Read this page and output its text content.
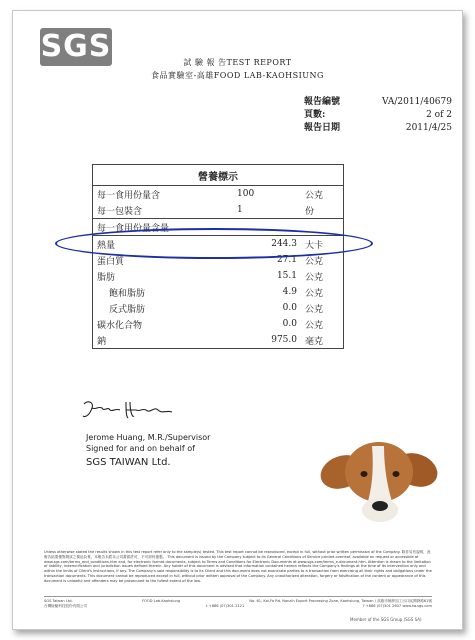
SGS	試 驗 報 告TEST REPORT
食品實驗室-高雄FOOD LAB-KAOHSIUNG
報告編號	VA/2011/40679
頁數:	2 of 2
報告日期	2011/4/25
營養標示		
每一食用份量含	100	公克
每一包裝含	1	份
每一食用份量含量		
熱量	244.3	大卡
蛋白質	27.1	公克
脂肪	15.1	公克
飽和脂肪	4.9	公克
反式脂肪	0.0	公克
碳水化合物	0.0	公克
鈉	975.0	毫克
Jerome Huang, M.R./Supervisor
Signed for and on behalf of
SGS TAIWAN Ltd.
Unless otherwise stated the results shown in this test report refer only to the sample(s) tested. This test report cannot be reproduced, except in full, without prior written permission of the Company. 除非另有說明，此報告結果僅對測試之樣品負責。本報告未經本公司書面許可，不可部份複製。 This document is issued by the Company subject to its General Conditions of Service printed overleaf, available on request or accessible at www.sgs.com/terms_and_conditions.htm and, for electronic format documents, subject to Terms and Conditions for Electronic Documents at www.sgs.com/terms_e-document.htm. Attention is drawn to the limitation of liability, indemnification and jurisdiction issues defined therein. Any holder of this document is advised that information contained hereon reflects the Company's findings at the time of its intervention only and within the limits of Client's instructions, if any. The Company's sole responsibility is to its Client and this document does not exonerate parties to a transaction from exercising all their rights and obligations under the transaction documents. This document cannot be reproduced except in full, without prior written approval of the Company. Any unauthorized alteration, forgery or falsification of the content or appearance of this document is unlawful and offenders may be prosecuted to the fullest extent of the law.
SGS Taiwan Ltd.	FOOD Lab-Kaohsiung	No. 61, Kai-Fa Rd, Nanzih Export Processing Zone, Kaohsiung, Taiwan / 高雄市楠梓加工出口區開發路61號
台灣檢驗科技股份有限公司	t +886 (07)301 2121	f +886 (07)301 2607 www.tw.sgs.com
Member of the SGS Group (SGS SA)
